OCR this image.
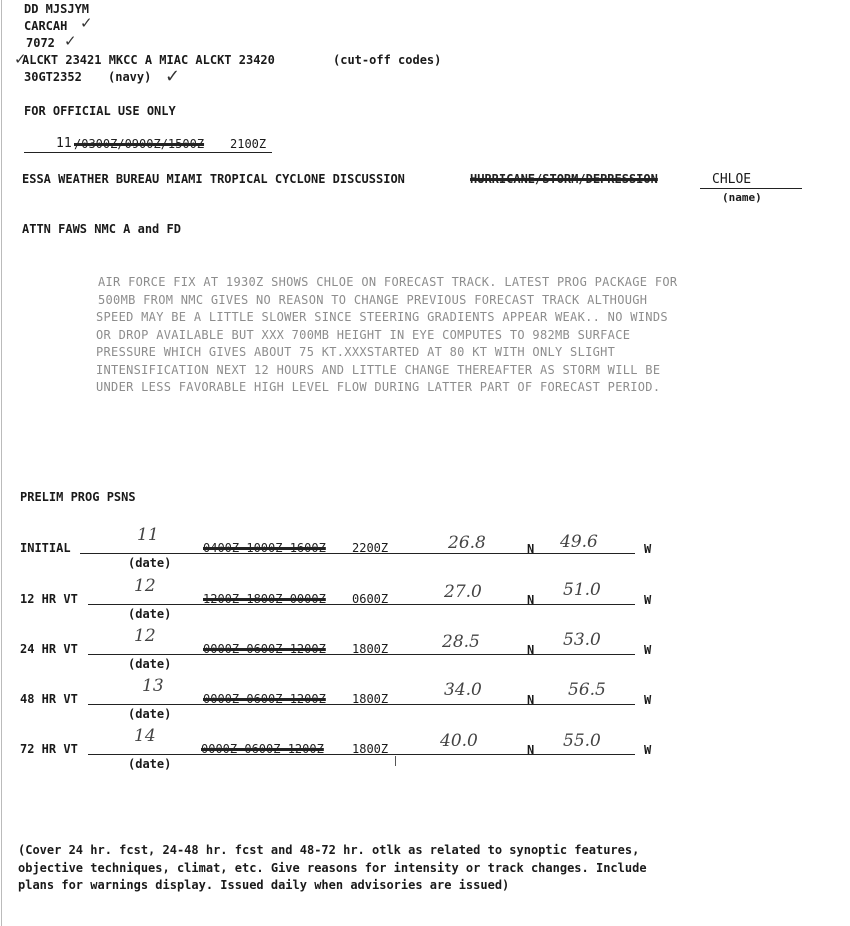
DD MJSJYM
CARCAH ✓
7072 ✓
ALCKT 23421 MKCC A MIAC ALCKT 23420	(cut-off codes)
✓
30GT2352 (navy) ✓
FOR OFFICIAL USE ONLY
11 /0300Z/0900Z/1500Z 2100Z
ESSA WEATHER BUREAU MIAMI TROPICAL CYCLONE DISCUSSION	HURRICANE/STORM/DEPRESSION	CHLOE
(name)
ATTN FAWS NMC A and FD
AIR FORCE FIX AT 1930Z SHOWS CHLOE ON FORECAST TRACK. LATEST PROG PACKAGE FOR
500MB FROM NMC GIVES NO REASON TO CHANGE PREVIOUS FORECAST TRACK ALTHOUGH
SPEED MAY BE A LITTLE SLOWER SINCE STEERING GRADIENTS APPEAR WEAK.. NO WINDS
OR DROP AVAILABLE BUT XXX 700MB HEIGHT IN EYE COMPUTES TO 982MB SURFACE
PRESSURE WHICH GIVES ABOUT 75 KT.XXXSTARTED AT 80 KT WITH ONLY SLIGHT
INTENSIFICATION NEXT 12 HOURS AND LITTLE CHANGE THEREAFTER AS STORM WILL BE
UNDER LESS FAVORABLE HIGH LEVEL FLOW DURING LATTER PART OF FORECAST PERIOD.
PRELIM PROG PSNS
INITIAL
11
(date)
0400Z 1000Z 1600Z 2200Z	26.8	N 49.6	W
12 HR VT
12
(date)
1200Z 1800Z 0000Z 0600Z	27.0	N 51.0	W
24 HR VT
12
(date)
0000Z 0600Z 1200Z 1800Z	28.5	N 53.0	W
48 HR VT
13
(date)
0000Z 0600Z 1200Z 1800Z	34.0	N 56.5	W
72 HR VT
14
(date)
0000Z 0600Z 1200Z 1800Z	40.0	N 55.0	W
(Cover 24 hr. fcst, 24-48 hr. fcst and 48-72 hr. otlk as related to synoptic features,
objective techniques, climat, etc. Give reasons for intensity or track changes. Include
plans for warnings display. Issued daily when advisories are issued)
